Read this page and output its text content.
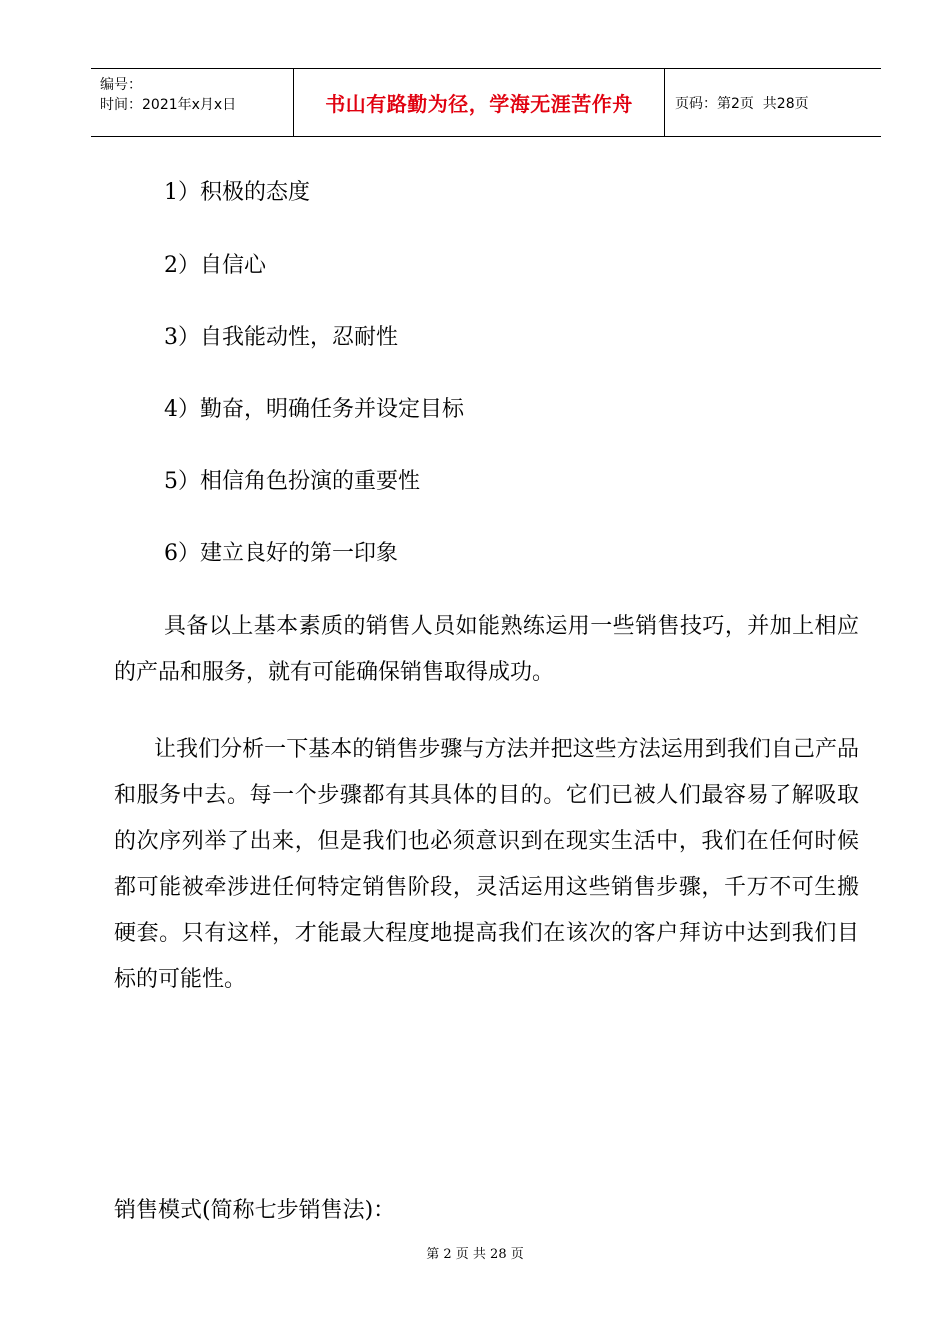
编号：
时间：2021年x月x日	书山有路勤为径，学海无涯苦作舟	页码：第2页  共28页
1）积极的态度
2）自信心
3）自我能动性，忍耐性
4）勤奋，明确任务并设定目标
5）相信角色扮演的重要性
6）建立良好的第一印象

具备以上基本素质的销售人员如能熟练运用一些销售技巧，并加上相应的产品和服务，就有可能确保销售取得成功。

让我们分析一下基本的销售步骤与方法并把这些方法运用到我们自己产品和服务中去。每一个步骤都有其具体的目的。它们已被人们最容易了解吸取的次序列举了出来，但是我们也必须意识到在现实生活中，我们在任何时候都可能被牵涉进任何特定销售阶段，灵活运用这些销售步骤，千万不可生搬硬套。只有这样，才能最大程度地提高我们在该次的客户拜访中达到我们目标的可能性。

销售模式(简称七步销售法)：
第 2 页 共 28 页
